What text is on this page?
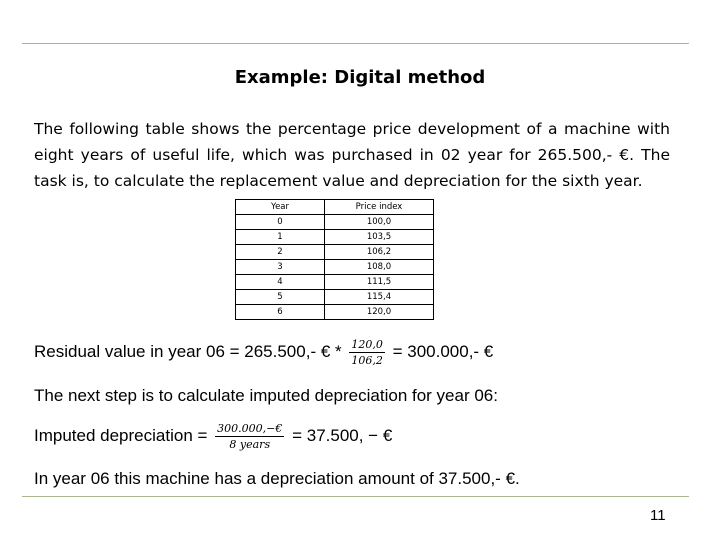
Example: Digital method
The following table shows the percentage price development of a machine with eight years of useful life, which was purchased in 02 year for 265.500,- €. The task is, to calculate the replacement value and depreciation for the sixth year.
Year	Price index
0	100,0
1	103,5
2	106,2
3	108,0
4	111,5
5	115,4
6	120,0
Residual value in year 06 = 265.500,- € * $\frac{120,0}{106,2} = 300.000,-$ €
The next step is to calculate imputed depreciation for year 06:
Imputed depreciation = $\frac{300.000,-€}{\text{8 years}} = 37.500$, − €
In year 06 this machine has a depreciation amount of 37.500,- €.
11
